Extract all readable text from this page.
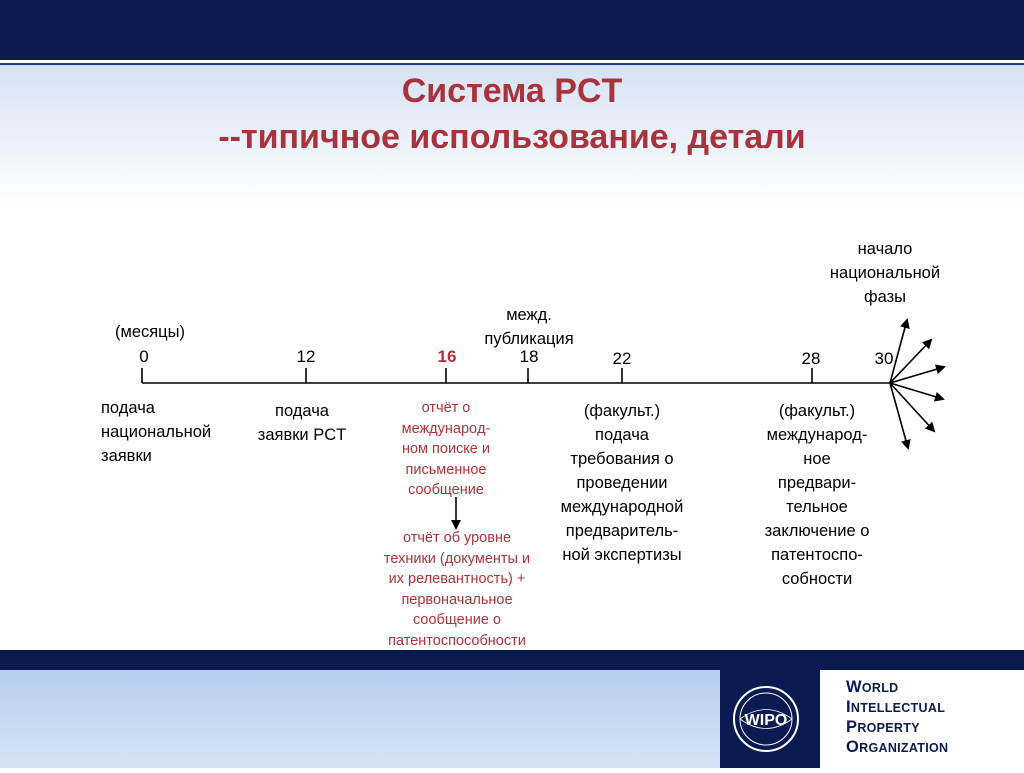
Система PCT
--типичное использование, детали

(месяцы)

0	12	16	18	22	28	30

межд.
публикация
начало
национальной
фазы
подача
национальной
заявки
подача
заявки PCT
отчёт о
междунарoд-
ном поиске и
письменное
сообщение
отчёт об уровне
техники (документы и
их релевантность) +
первоначальное
сообщение о
патентоспособности
(факульт.)
подача
требования о
проведении
международной
предваритель-
ной экспертизы
(факульт.)
международ-
ное
предвари-
тельное
заключение о
патентоспо-
собности
WIPO

WORLD

INTELLECTUAL

PROPERTY

ORGANIZATION
